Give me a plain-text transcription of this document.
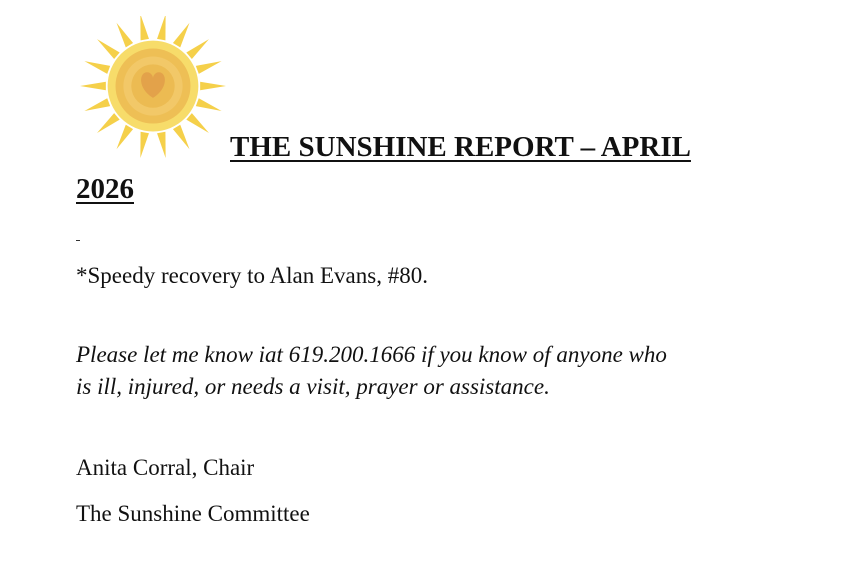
THE SUNSHINE REPORT – APRIL
2026

*Speedy recovery to Alan Evans, #80.

Please let me know iat 619.200.1666 if you know of anyone who
is ill, injured, or needs a visit, prayer or assistance.

Anita Corral, Chair

The Sunshine Committee
